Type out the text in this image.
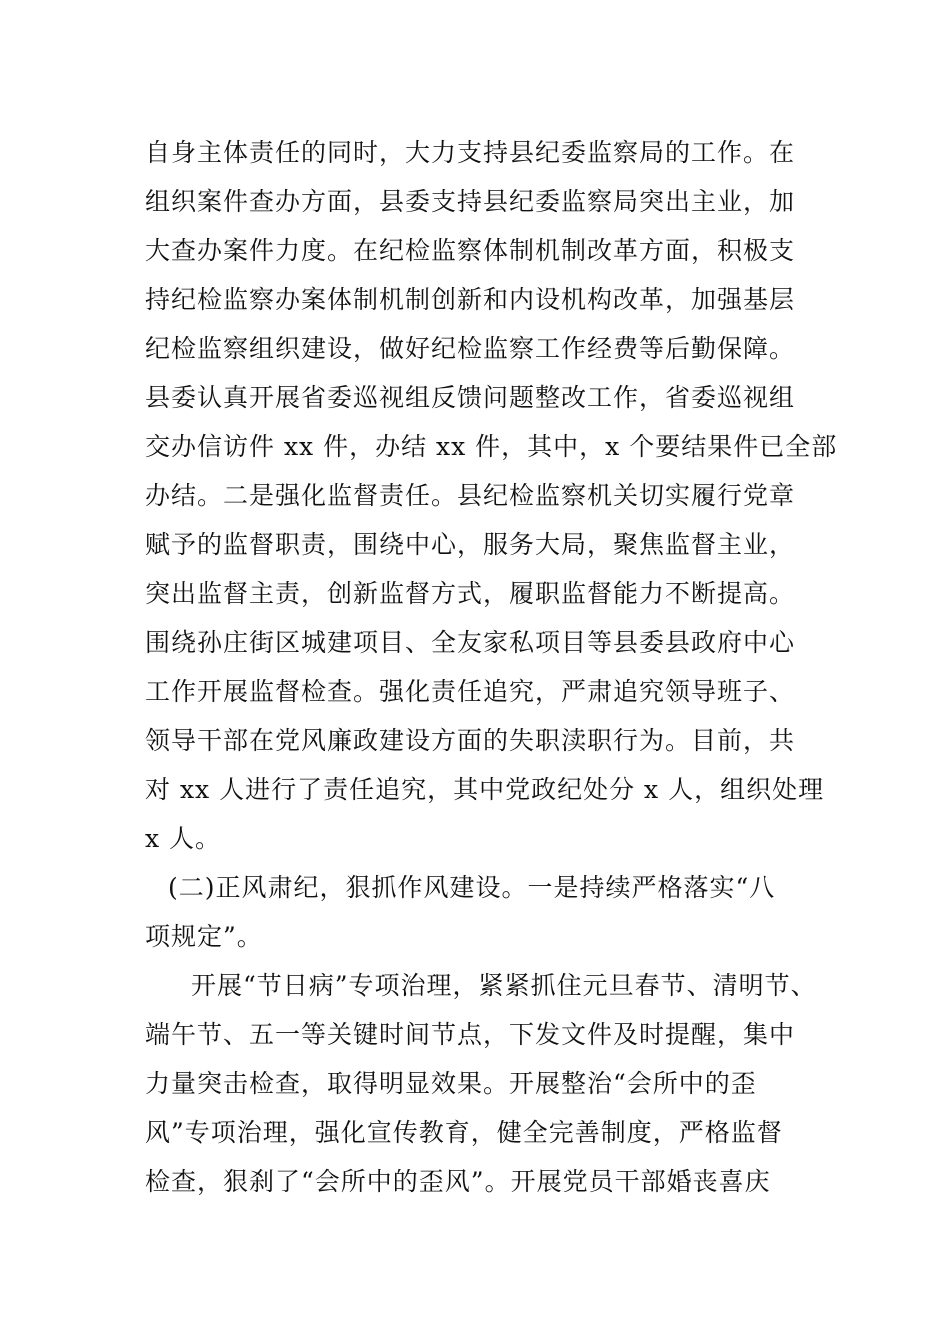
自身主体责任的同时，大力支持县纪委监察局的工作。在
组织案件查办方面，县委支持县纪委监察局突出主业，加
大查办案件力度。在纪检监察体制机制改革方面，积极支
持纪检监察办案体制机制创新和内设机构改革，加强基层
纪检监察组织建设，做好纪检监察工作经费等后勤保障。
县委认真开展省委巡视组反馈问题整改工作，省委巡视组
交办信访件 xx 件，办结 xx 件，其中，x 个要结果件已全部
办结。二是强化监督责任。县纪检监察机关切实履行党章
赋予的监督职责，围绕中心，服务大局，聚焦监督主业，
突出监督主责，创新监督方式，履职监督能力不断提高。
围绕孙庄街区城建项目、全友家私项目等县委县政府中心
工作开展监督检查。强化责任追究，严肃追究领导班子、
领导干部在党风廉政建设方面的失职渎职行为。目前，共
对 xx 人进行了责任追究，其中党政纪处分 x 人，组织处理
x 人。
(二)正风肃纪，狠抓作风建设。一是持续严格落实“八
项规定”。
开展“节日病”专项治理，紧紧抓住元旦春节、清明节、
端午节、五一等关键时间节点，下发文件及时提醒，集中
力量突击检查，取得明显效果。开展整治“会所中的歪
风”专项治理，强化宣传教育，健全完善制度，严格监督
检查，狠刹了“会所中的歪风”。开展党员干部婚丧喜庆
